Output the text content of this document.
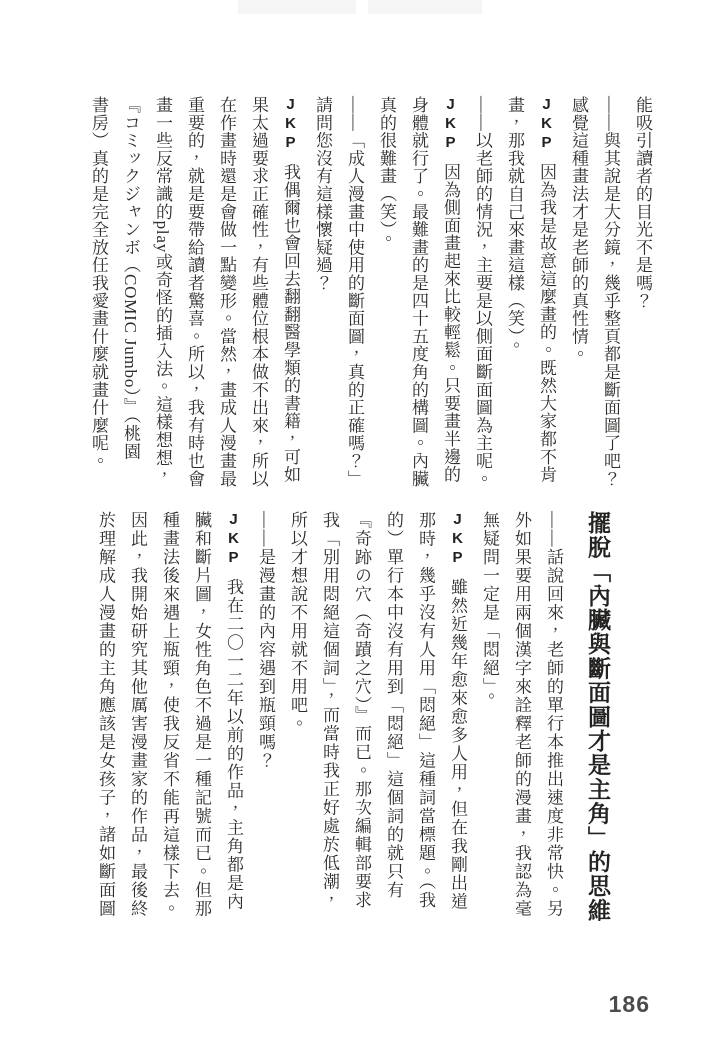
能吸引讀者的目光不是嗎？

——與其說是大分鏡，幾乎整頁都是斷面圖了吧？

感覺這種畫法才是老師的真性情。

JKP因為我是故意這麼畫的。既然大家都不肯

畫，那我就自己來畫這樣（笑）。

——以老師的情況，主要是以側面斷面圖為主呢。

JKP因為側面畫起來比較輕鬆。只要畫半邊的

身體就行了。最難畫的是四十五度角的構圖。內臟

真的很難畫（笑）。

——「成人漫畫中使用的斷面圖，真的正確嗎？」

請問您沒有這樣懷疑過？

JKP我偶爾也會回去翻翻醫學類的書籍，可如

果太過要求正確性，有些體位根本做不出來，所以

在作畫時還是會做一點變形。當然，畫成人漫畫最

重要的，就是要帶給讀者驚喜。所以，我有時也會

畫一些反常識的play或奇怪的插入法。這樣想想，

『コミックジャンボ（COMIC Jumbo）』（桃園

書房）真的是完全放任我愛畫什麼就畫什麼呢。

擺脫「內臟與斷面圖才是主角」的思維

——話說回來，老師的單行本推出速度非常快。另

外如果要用兩個漢字來詮釋老師的漫畫，我認為毫

無疑問一定是「悶絕」。

JKP雖然近幾年愈來愈多人用，但在我剛出道

那時，幾乎沒有人用「悶絕」這種詞當標題。（我

的）單行本中沒有用到「悶絕」這個詞的就只有

『奇跡の穴（奇蹟之穴）』而已。那次編輯部要求

我「別用悶絕這個詞」，而當時我正好處於低潮，

所以才想說不用就不用吧。

——是漫畫的內容遇到瓶頸嗎？

JKP我在二〇一二年以前的作品，主角都是內

臟和斷片圖，女性角色不過是一種記號而已。但那

種畫法後來遇上瓶頸，使我反省不能再這樣下去。

因此，我開始研究其他厲害漫畫家的作品，最後終

於理解成人漫畫的主角應該是女孩子，諸如斷面圖

186
